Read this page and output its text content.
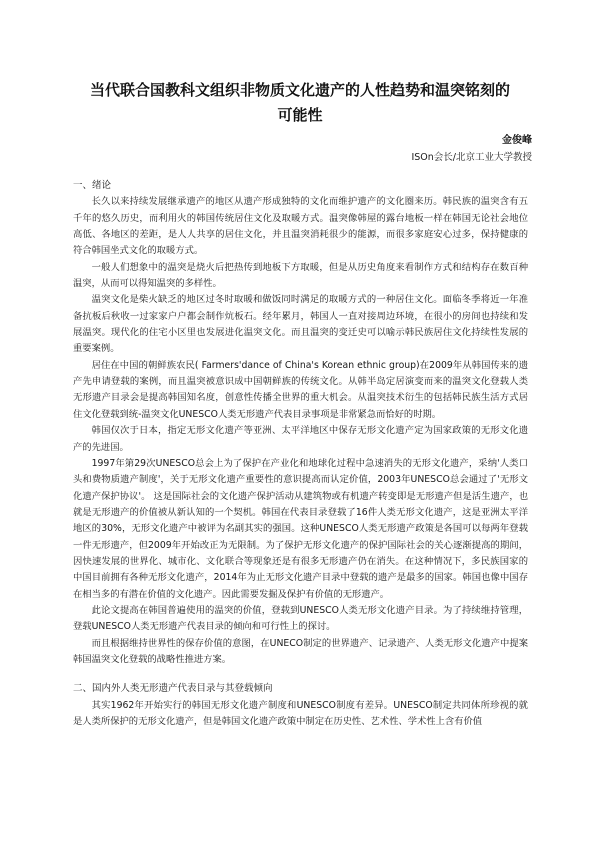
当代联合国教科文组织非物质文化遗产的人性趋势和温突铭刻的
可能性
金俊峰
ISOn会长/北京工业大学教授
一、绪论

长久以来持续发展继承遗产的地区从遗产形成独特的文化而维护遗产的文化圈来历。韩民族的温突含有五千年的悠久历史，而利用火的韩国传统居住文化及取暖方式。温突像韩屋的露台地板一样在韩国无论社会地位高低、各地区的差距，是人人共享的居住文化，并且温突消耗很少的能源，而很多家庭安心过多，保持健康的符合韩国坐式文化的取暖方式。

一般人们想象中的温突是烧火后把热传到地板下方取暖，但是从历史角度来看制作方式和结构存在数百种温突，从而可以得知温突的多样性。

温突文化是柴火缺乏的地区过冬时取暖和做饭同时满足的取暖方式的一种居住文化。面临冬季将近一年准备抗板后秋收一过家家户户都会制作炕板石。经年累月，韩国人一直对接周边环境，在很小的房间也持续和发展温突。现代化的住宅小区里也发展进化温突文化。而且温突的变迁史可以喻示韩民族居住文化持续性发展的重要案例。

居住在中国的朝鲜族农民( Farmers'dance of China's Korean ethnic group)在2009年从韩国传来的遗产先申请登载的案例，而且温突被意识成中国朝鲜族的传统文化。从韩半岛定居演变而来的温突文化登载人类无形遗产目录会是提高韩国知名度，创意性传播全世界的重大机会。从温突技术衍生的包括韩民族生活方式居住文化登载到统-温突文化UNESCO人类无形遗产代表目录事项是非常紧急而恰好的时期。

韩国仅次于日本，指定无形文化遗产等亚洲、太平洋地区中保存无形文化遗产定为国家政策的无形文化遗产的先进国。

1997年第29次UNESCO总会上为了保护在产业化和地球化过程中急速消失的无形文化遗产，采纳'人类口头和费物质遗产制度'，关于无形文化遗产重要性的意识提高而认定价值，2003年UNESCO总会通过了'无形文化遗产保护协议'。 这是国际社会的文化遗产保护活动从建筑物或有机遗产转变即是无形遗产但是活生遗产，也就是无形遗产的价值被从新认知的一个契机。韩国在代表目录登载了16件人类无形文化遗产，这是亚洲太平洋地区的30%，无形文化遗产中被评为名副其实的强国。这种UNESCO人类无形遗产政策是各国可以每两年登载一件无形遗产，但2009年开始改正为无限制。为了保护无形文化遗产的保护国际社会的关心逐渐提高的期间，因快速发展的世界化、城市化、文化联合等现象还是有很多无形遗产仍在消失。在这种情况下，多民族国家的中国目前拥有各种无形文化遗产，2014年为止无形文化遗产目录中登载的遗产是最多的国家。韩国也像中国存在相当多的有潜在价值的文化遗产。因此需要发掘及保护有价值的无形遗产。

此论文提高在韩国普遍使用的温突的价值，登载到UNESCO人类无形文化遗产目录。为了持续维持管理，登载UNESCO人类无形遗产代表目录的倾向和可行性上的探讨。

而且根据维持世界性的保存价值的意图，在UNECO制定的世界遗产、记录遗产、人类无形文化遗产中提案韩国温突文化登载的战略性推进方案。

二、国内外人类无形遗产代表目录与其登载倾向

其实1962年开始实行的韩国无形文化遗产制度和UNESCO制度有差异。UNESCO制定共同体所珍视的就是人类所保护的无形文化遗产，但是韩国文化遗产政策中制定在历史性、艺术性、学术性上含有价值
